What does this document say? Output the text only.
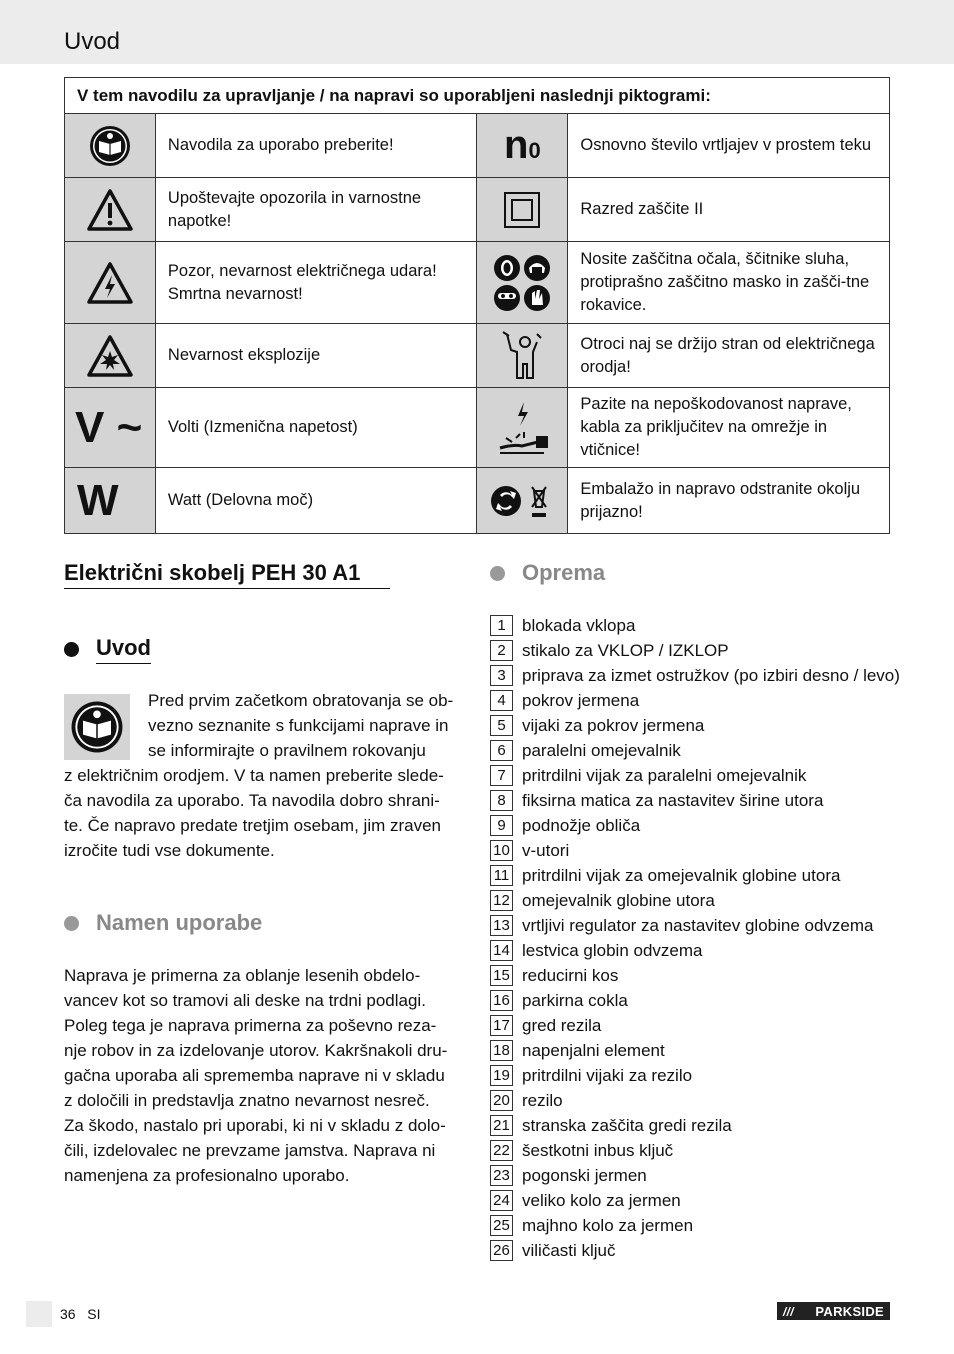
Uvod
V tem navodilu za upravljanje / na napravi so uporabljeni naslednji piktogrami:			

	Navodila za uporabo preberite!	n0	Osnovno število vrtljajev v prostem teku

	Upoštevajte opozorila in varnostne napotke!		Razred zaščite II

	Pozor, nevarnost električnega udara! Smrtna nevarnost!		Nosite zaščitna očala, ščitnike sluha, protiprašno zaščitno masko in zašči-tne rokavice.

	Nevarnost eksplozije		Otroci naj se držijo stran od električnega orodja!
V ~	Volti (Izmenična napetost)		Pazite na nepoškodovanost naprave, kabla za priključitev na omrežje in vtičnice!
W	Watt (Delovna moč)		Embalažo in napravo odstranite okolju prijazno!
Električni skobelj PEH 30 A1
Uvod
Pred prvim začetkom obratovanja se ob-
vezno seznanite s funkcijami naprave in
se informirajte o pravilnem rokovanju
z električnim orodjem. V ta namen preberite slede-
ča navodila za uporabo. Ta navodila dobro shrani-
te. Če napravo predate tretjim osebam, jim zraven
izročite tudi vse dokumente.
Namen uporabe
Naprava je primerna za oblanje lesenih obdelo-
vancev kot so tramovi ali deske na trdni podlagi.
Poleg tega je naprava primerna za poševno reza-
nje robov in za izdelovanje utorov. Kakršnakoli dru-
gačna uporaba ali sprememba naprave ni v skladu
z določili in predstavlja znatno nevarnost nesreč.
Za škodo, nastalo pri uporabi, ki ni v skladu z dolo-
čili, izdelovalec ne prevzame jamstva. Naprava ni
namenjena za profesionalno uporabo.
Oprema
1 blokada vklopa
2 stikalo za VKLOP / IZKLOP
3 pripravа za izmet ostružkov (po izbiri desno / levo)
4 pokrov jermena
5 vijaki za pokrov jermena
6 paralelni omejevalnik
7 pritrdilni vijak za paralelni omejevalnik
8 fiksirna matica za nastavitev širine utora
9 podnožje obliča
10 v-utori
11 pritrdilni vijak za omejevalnik globine utora
12 omejevalnik globine utora
13 vrtljivi regulator za nastavitev globine odvzema
14 lestvica globin odvzema
15 reducirni kos
16 parkirna cokla
17 gred rezila
18 napenjalni element
19 pritrdilni vijaki za rezilo
20 rezilo
21 stranska zaščita gredi rezila
22 šestkotni inbus ključ
23 pogonski jermen
24 veliko kolo za jermen
25 majhno kolo za jermen
26 viličasti ključ
36 SI	/// PARKSIDE
